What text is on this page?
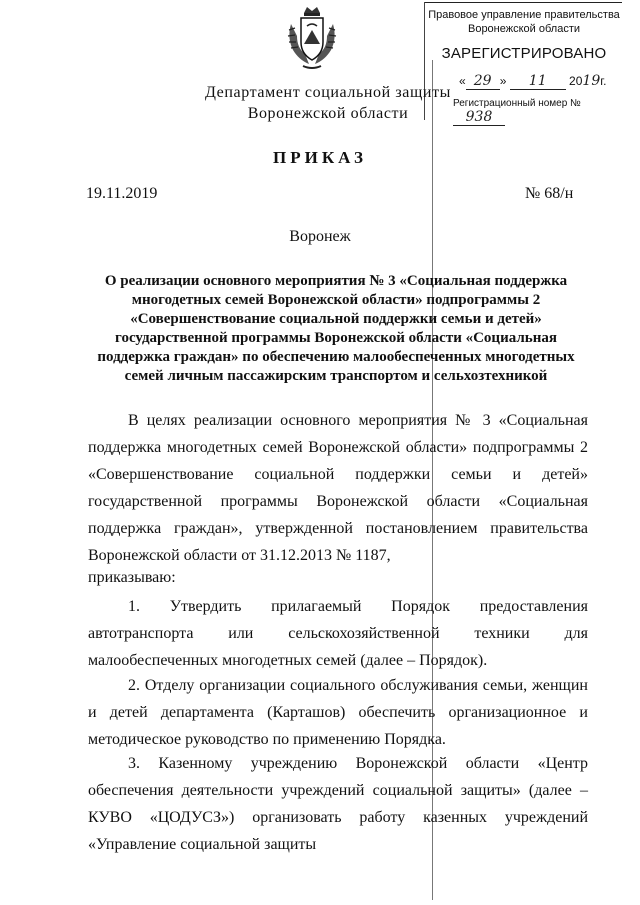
Правовое управление правительства
Воронежской области
ЗАРЕГИСТРИРОВАНО
« 29 » 11 2019г.
Регистрационный номер № 938
Департамент социальной защиты
Воронежской области
ПРИКАЗ
19.11.2019	№ 68/н
Воронеж
О реализации основного мероприятия № 3 «Социальная поддержка
многодетных семей Воронежской области» подпрограммы 2
«Совершенствование социальной поддержки семьи и детей»
государственной программы Воронежской области «Социальная
поддержка граждан» по обеспечению малообеспеченных многодетных
семей личным пассажирским транспортом и сельхозтехникой
В целях реализации основного мероприятия № 3 «Социальная поддержка многодетных семей Воронежской области» подпрограммы 2 «Совершенствование социальной поддержки семьи и детей» государственной программы Воронежской области «Социальная поддержка граждан», утвержденной постановлением правительства Воронежской области от 31.12.2013 № 1187,
приказываю:
1. Утвердить прилагаемый Порядок предоставления автотранспорта или сельскохозяйственной техники для малообеспеченных многодетных семей (далее – Порядок).
2. Отделу организации социального обслуживания семьи, женщин и детей департамента (Карташов) обеспечить организационное и методическое руководство по применению Порядка.
3. Казенному учреждению Воронежской области «Центр обеспечения деятельности учреждений социальной защиты» (далее – КУВО «ЦОДУСЗ») организовать работу казенных учреждений «Управление социальной защиты
